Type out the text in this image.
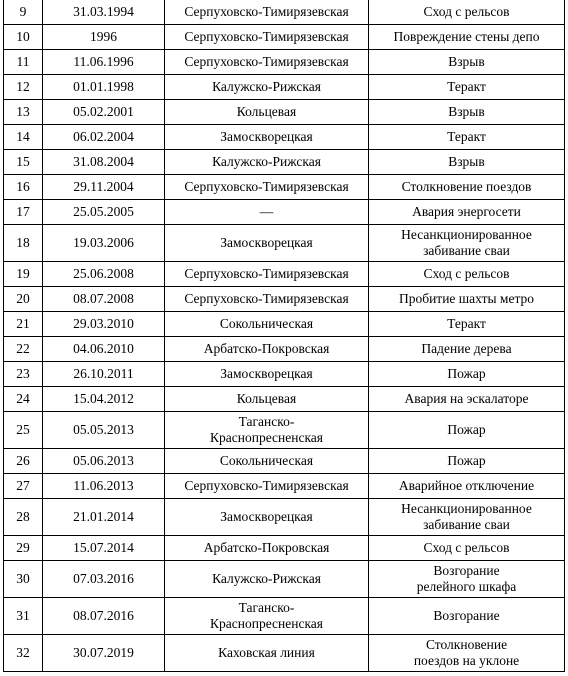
9	31.03.1994	Серпуховско-Тимирязевская	Сход с рельсов
10	1996	Серпуховско-Тимирязевская	Повреждение стены депо
11	11.06.1996	Серпуховско-Тимирязевская	Взрыв
12	01.01.1998	Калужско-Рижская	Теракт
13	05.02.2001	Кольцевая	Взрыв
14	06.02.2004	Замоскворецкая	Теракт
15	31.08.2004	Калужско-Рижская	Взрыв
16	29.11.2004	Серпуховско-Тимирязевская	Столкновение поездов
17	25.05.2005	—	Авария энергосети
18	19.03.2006	Замоскворецкая	Несанкционированное
забивание сваи
19	25.06.2008	Серпуховско-Тимирязевская	Сход с рельсов
20	08.07.2008	Серпуховско-Тимирязевская	Пробитие шахты метро
21	29.03.2010	Сокольническая	Теракт
22	04.06.2010	Арбатско-Покровская	Падение дерева
23	26.10.2011	Замоскворецкая	Пожар
24	15.04.2012	Кольцевая	Авария на эскалаторе
25	05.05.2013	Таганско-
Краснопресненская	Пожар
26	05.06.2013	Сокольническая	Пожар
27	11.06.2013	Серпуховско-Тимирязевская	Аварийное отключение
28	21.01.2014	Замоскворецкая	Несанкционированное
забивание сваи
29	15.07.2014	Арбатско-Покровская	Сход с рельсов
30	07.03.2016	Калужско-Рижская	Возгорание
релейного шкафа
31	08.07.2016	Таганско-
Краснопресненская	Возгорание
32	30.07.2019	Каховская линия	Столкновение
поездов на уклоне
